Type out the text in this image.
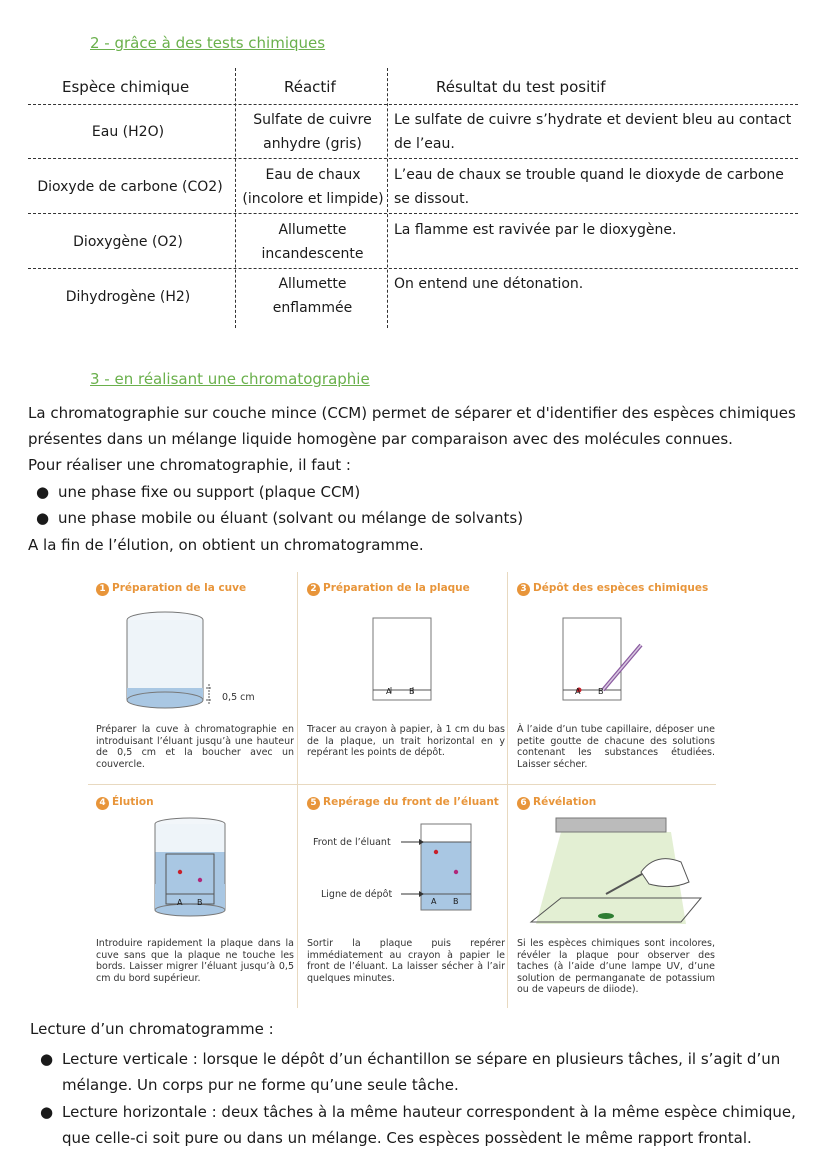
2 - grâce à des tests chimiques
Espèce chimique	Réactif	Résultat du test positif
Eau (H2O)
Sulfate de cuivre
anhydre (gris)
Le sulfate de cuivre s’hydrate et devient bleu au contact
de l’eau.
Dioxyde de carbone (CO2)
Eau de chaux
(incolore et limpide)
L’eau de chaux se trouble quand le dioxyde de carbone
se dissout.
Dioxygène (O2)
Allumette
incandescente
La flamme est ravivée par le dioxygène.
Dihydrogène (H2)
Allumette
enflammée
On entend une détonation.
3 - en réalisant une chromatographie
La chromatographie sur couche mince (CCM) permet de séparer et d'identifier des espèces chimiques
présentes dans un mélange liquide homogène par comparaison avec des molécules connues.
Pour réaliser une chromatographie, il faut :
● une phase fixe ou support (plaque CCM)
● une phase mobile ou éluant (solvant ou mélange de solvants)
A la fin de l’élution, on obtient un chromatogramme.
1 Préparation de la cuve
0,5 cm
Préparer la cuve à chromatographie en introduisant l’éluant jusqu’à une hauteur de 0,5 cm et la boucher avec un couvercle.
2 Préparation de la plaque
A B
Tracer au crayon à papier, à 1 cm du bas de la plaque, un trait horizontal en y repérant les points de dépôt.
3 Dépôt des espèces chimiques
A B
À l’aide d’un tube capillaire, déposer une petite goutte de chacune des solutions contenant les substances étudiées. Laisser sécher.
4 Élution
A B
Introduire rapidement la plaque dans la cuve sans que la plaque ne touche les bords. Laisser migrer l’éluant jusqu’à 0,5 cm du bord supérieur.
5 Repérage du front de l’éluant
Front de l’éluant
Ligne de dépôt
A B
Sortir la plaque puis repérer immédiatement au crayon à papier le front de l’éluant. La laisser sécher à l’air quelques minutes.
6 Révélation
Si les espèces chimiques sont incolores, révéler la plaque pour observer des taches (à l’aide d’une lampe UV, d’une solution de permanganate de potassium ou de vapeurs de diiode).
Lecture d’un chromatogramme :
● Lecture verticale : lorsque le dépôt d’un échantillon se sépare en plusieurs tâches, il s’agit d’un
mélange. Un corps pur ne forme qu’une seule tâche.
● Lecture horizontale : deux tâches à la même hauteur correspondent à la même espèce chimique,
que celle-ci soit pure ou dans un mélange. Ces espèces possèdent le même rapport frontal.
